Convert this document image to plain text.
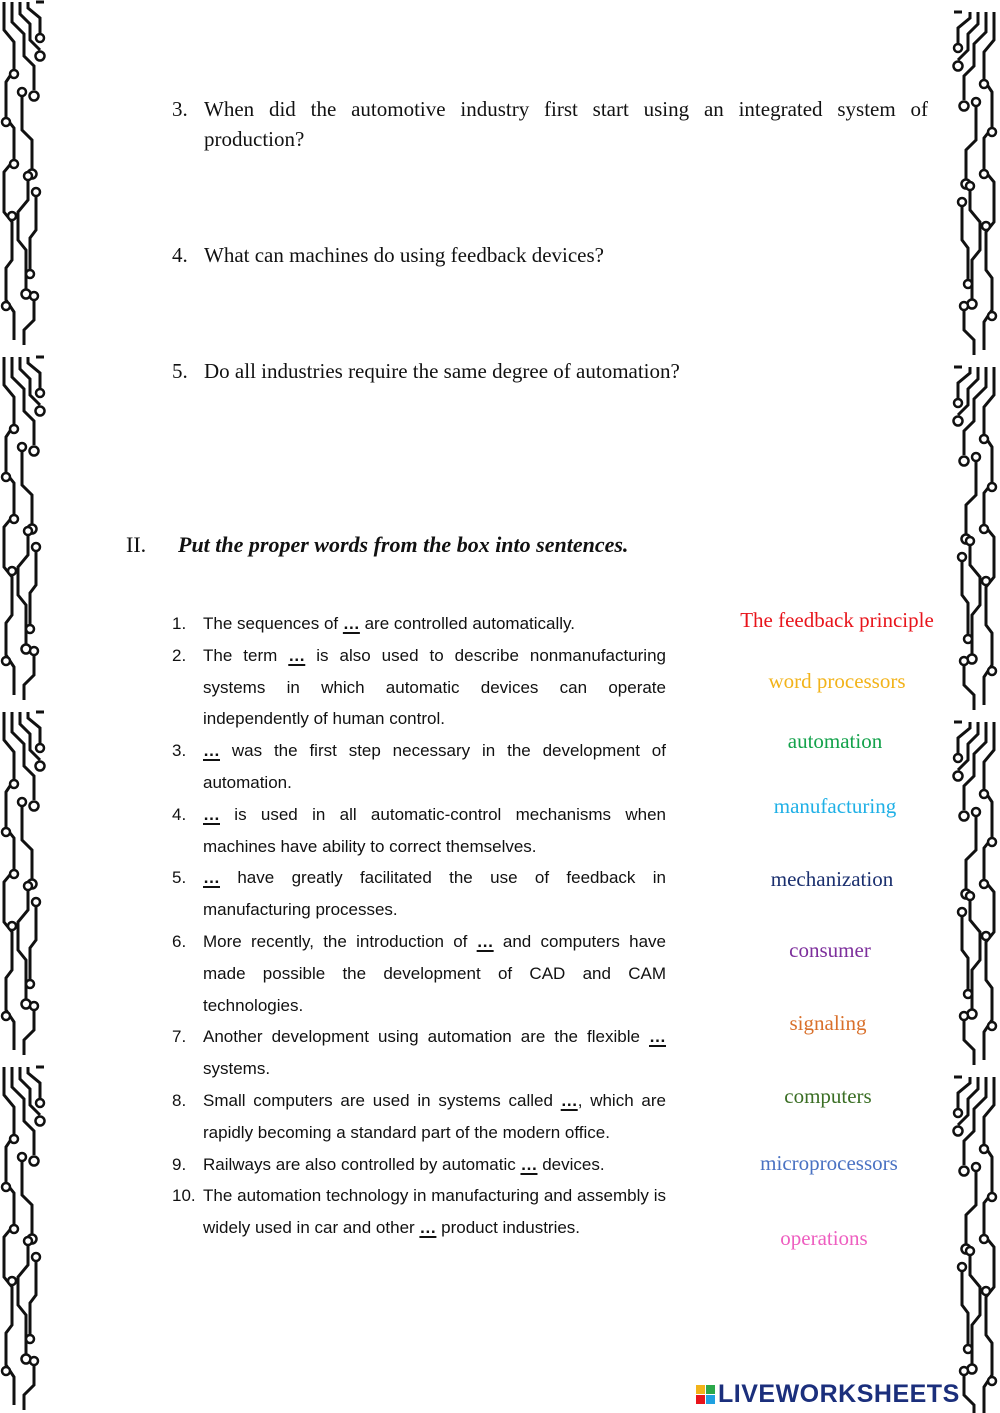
3. When did the automotive industry first start using an integrated system of production?
4. What can machines do using feedback devices?
5. Do all industries require the same degree of automation?
II. Put the proper words from the box into sentences.
1. The sequences of … are controlled automatically.
2. The term … is also used to describe nonmanufacturing systems in which automatic devices can operate independently of human control.
3. … was the first step necessary in the development of automation.
4. … is used in all automatic-control mechanisms when machines have ability to correct themselves.
5. … have greatly facilitated the use of feedback in manufacturing processes.
6. More recently, the introduction of … and computers have made possible the development of CAD and CAM technologies.
7. Another development using automation are the flexible … systems.
8. Small computers are used in systems called …, which are rapidly becoming a standard part of the modern office.
9. Railways are also controlled by automatic … devices.
10. The automation technology in manufacturing and assembly is widely used in car and other … product industries.
The feedback principle
word processors
automation
manufacturing
mechanization
consumer
signaling
computers
microprocessors
operations
LIVEWORKSHEETS
